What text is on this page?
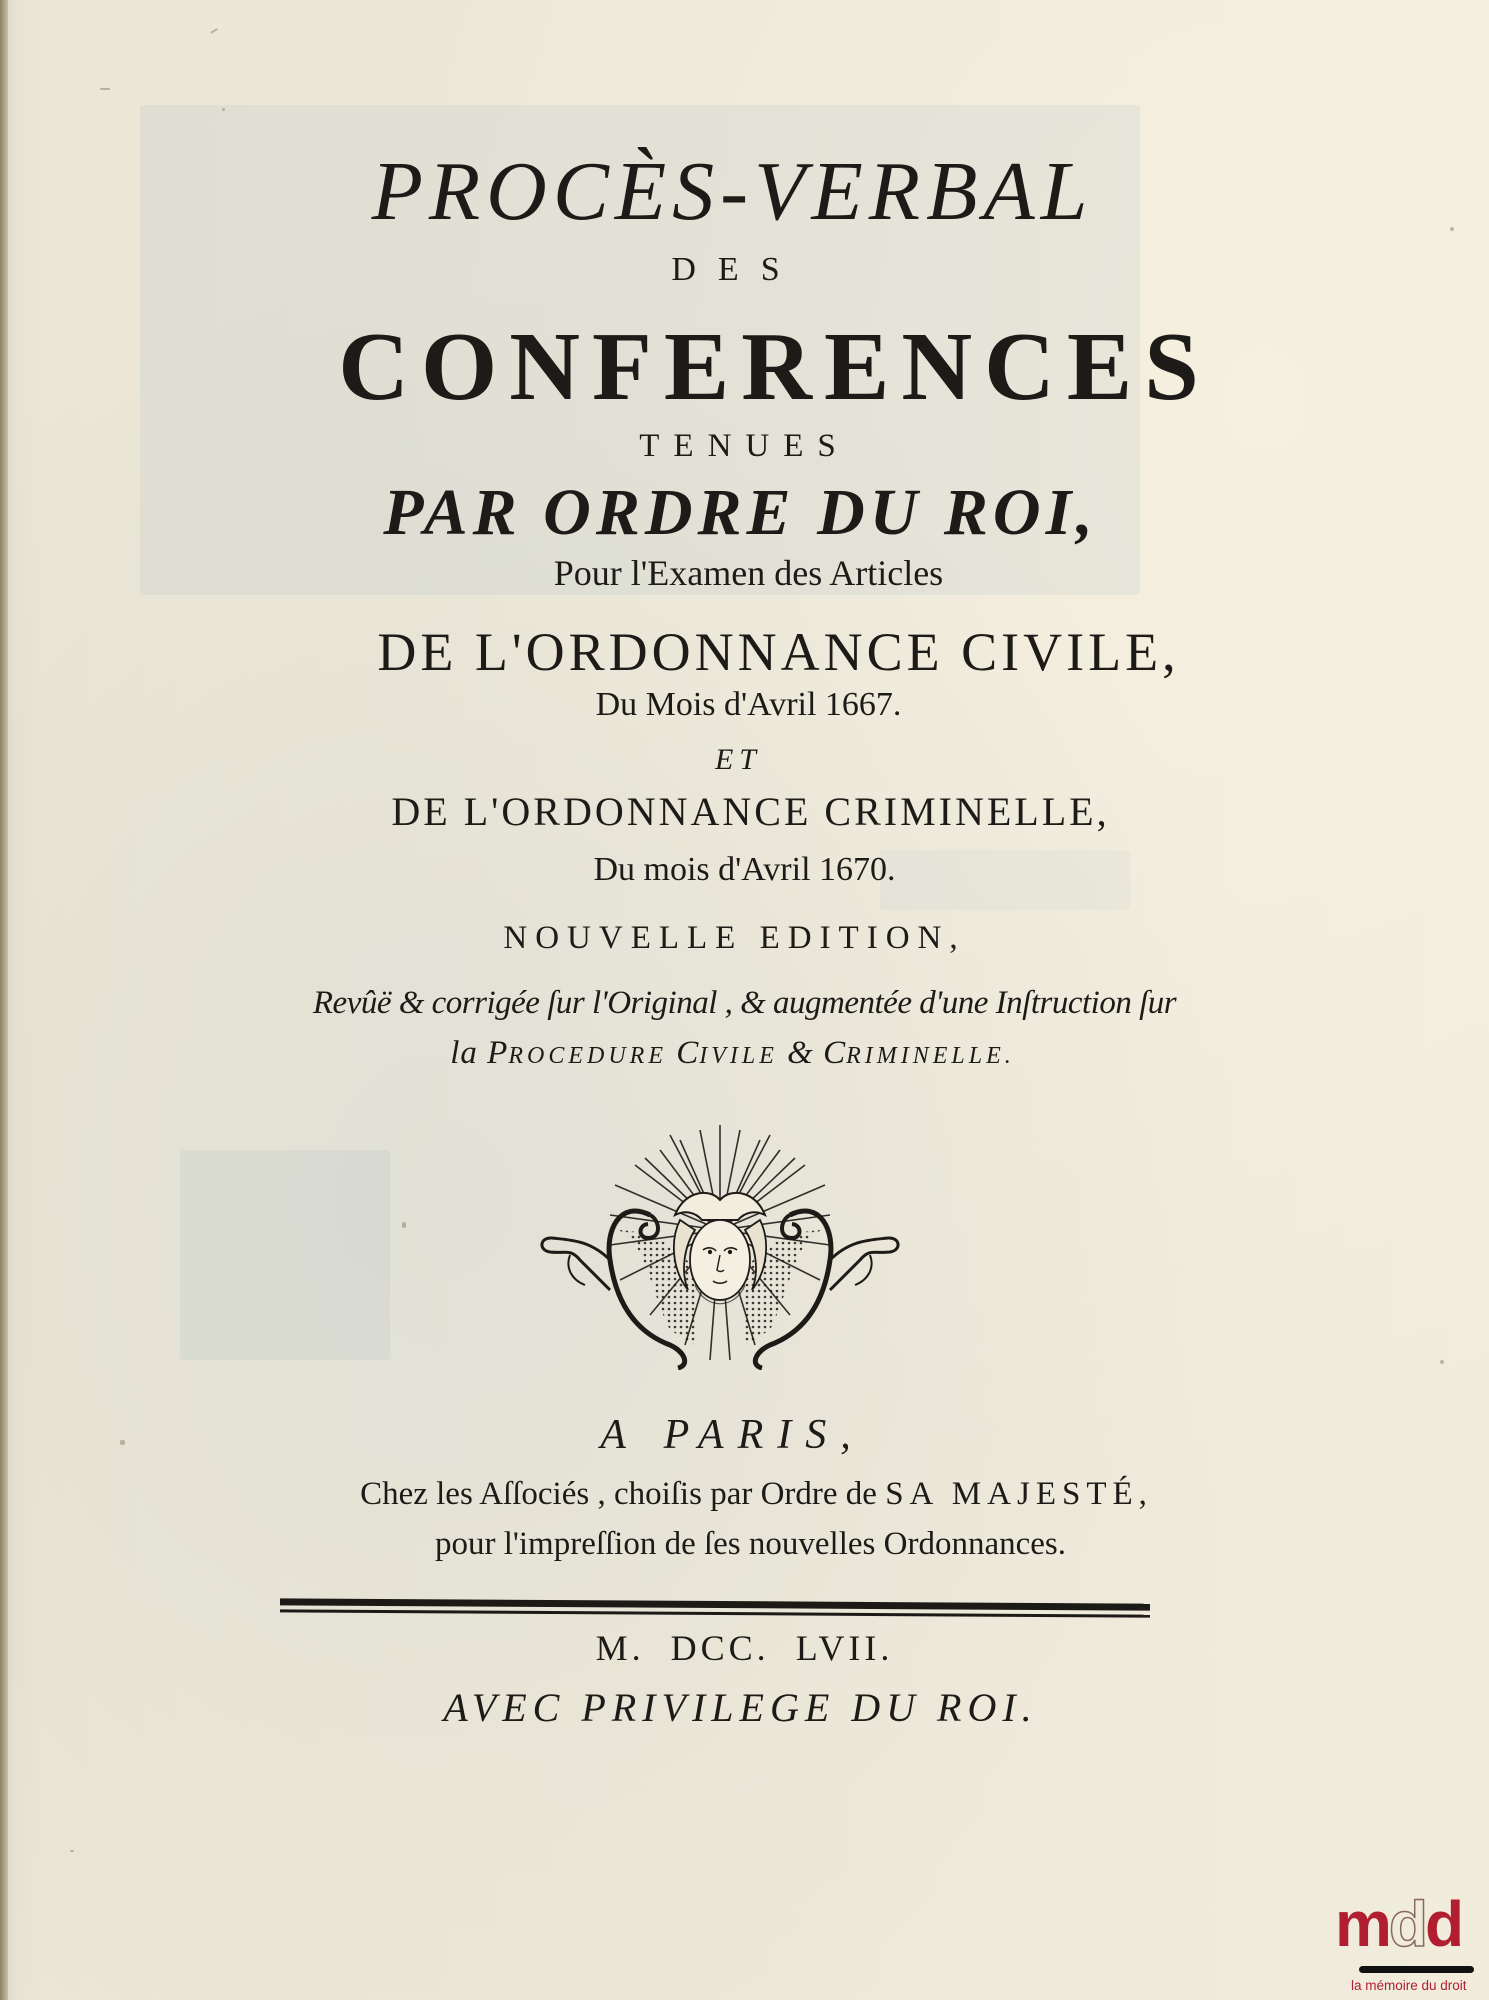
PROCÈS-VERBAL
DES
CONFERENCES
TENUES
PAR ORDRE DU ROI,
Pour l'Examen des Articles
DE L'ORDONNANCE CIVILE,
Du Mois d'Avril 1667.
ET
DE L'ORDONNANCE CRIMINELLE,
Du mois d'Avril 1670.
NOUVELLE EDITION,
Revûë & corrigée ſur l'Original , & augmentée d'une Inſtruction ſur
la PROCEDURE CIVILE & CRIMINELLE.
A PARIS,
Chez les Aſſociés , choiſis par Ordre de SA MAJESTÉ,
pour l'impreſſion de ſes nouvelles Ordonnances.
M. DCC. LVII.
AVEC PRIVILEGE DU ROI.
mdd
la mémoire du droit
